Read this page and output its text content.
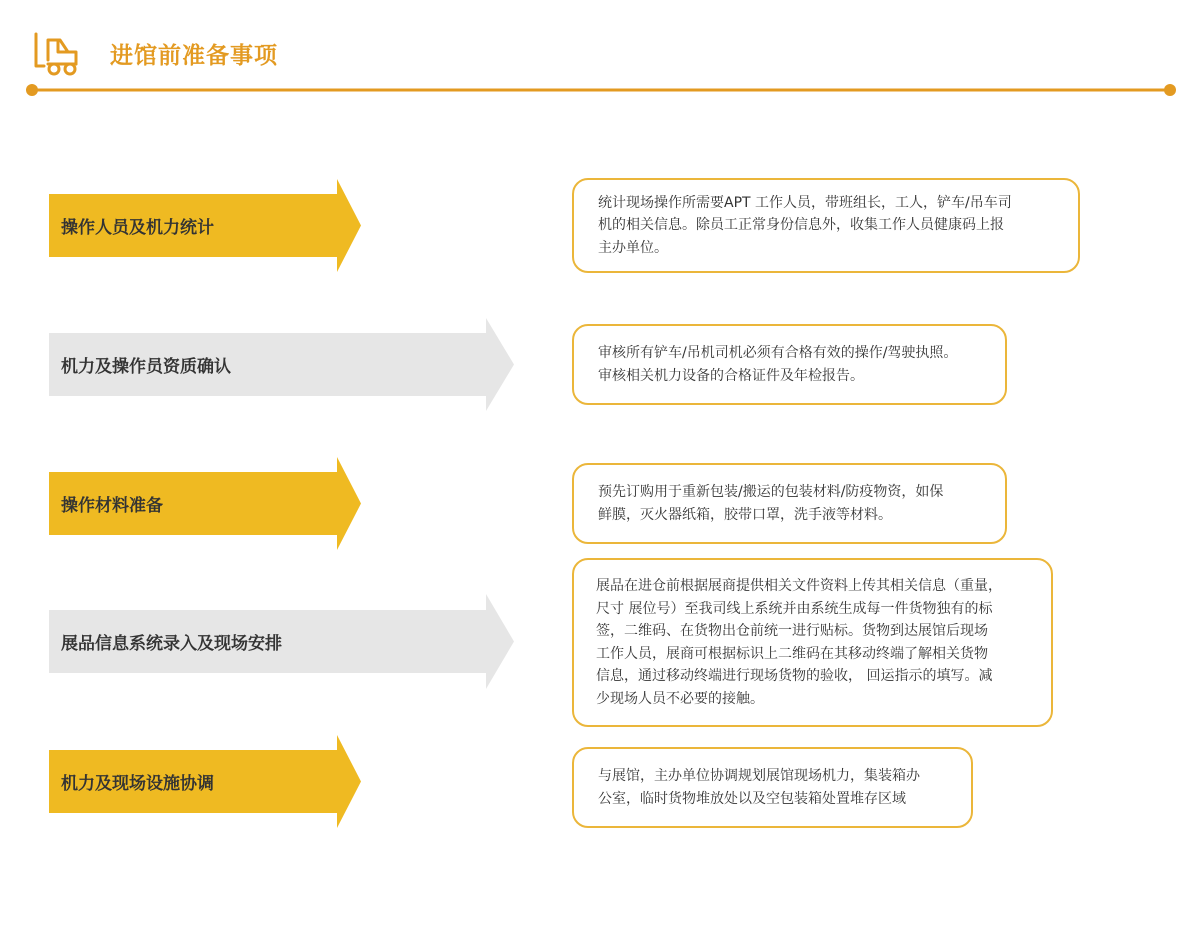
进馆前准备事项
操作人员及机力统计
统计现场操作所需要APT 工作人员，带班组长，工人，铲车/吊车司
机的相关信息。除员工正常身份信息外，收集工作人员健康码上报
主办单位。
机力及操作员资质确认
审核所有铲车/吊机司机必须有合格有效的操作/驾驶执照。
审核相关机力设备的合格证件及年检报告。
操作材料准备
预先订购用于重新包装/搬运的包装材料/防疫物资，如保
鲜膜，灭火器纸箱，胶带口罩，洗手液等材料。
展品信息系统录入及现场安排
展品在进仓前根据展商提供相关文件资料上传其相关信息（重量，
尺寸 展位号）至我司线上系统并由系统生成每一件货物独有的标
签，二维码、在货物出仓前统一进行贴标。货物到达展馆后现场
工作人员，展商可根据标识上二维码在其移动终端了解相关货物
信息，通过移动终端进行现场货物的验收， 回运指示的填写。减
少现场人员不必要的接触。
机力及现场设施协调	与展馆，主办单位协调规划展馆现场机力，集装箱办
公室，临时货物堆放处以及空包装箱处置堆存区域
